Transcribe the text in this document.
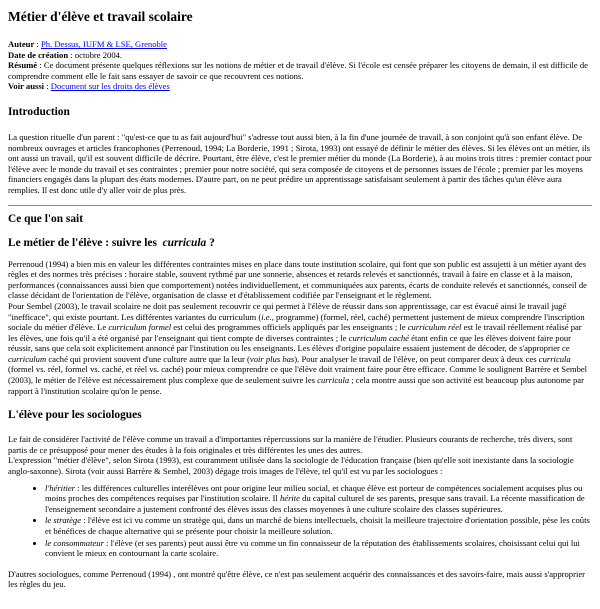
Métier d'élève et travail scolaire

Auteur : Ph. Dessus, IUFM & LSE, Grenoble

Date de création : octobre 2004.

Résumé : Ce document présente quelques réflexions sur les notions de métier et de travail d'élève. Si l'école est censée préparer les citoyens de demain, il est difficile de comprendre comment elle le fait sans essayer de savoir ce que recouvrent ces notions.

Voir aussi : Document sur les droits des élèves

Introduction

La question rituelle d'un parent : "qu'est-ce que tu as fait aujourd'hui" s'adresse tout aussi bien, à la fin d'une journée de travail, à son conjoint qu'à son enfant élève. De nombreux ouvrages et articles francophones (Perrenoud, 1994; La Borderie, 1991 ; Sirota, 1993) ont essayé de définir le métier des élèves. Si les élèves ont un métier, ils ont aussi un travail, qu'il est souvent difficile de décrire. Pourtant, être élève, c'est le premier métier du monde (La Borderie), à au moins trois titres : premier contact pour l'élève avec le monde du travail et ses contraintes ; premier pour notre société, qui sera composée de citoyens et de personnes issues de l'école ; premier par les moyens financiers engagés dans la plupart des états modernes. D'autre part, on ne peut prédire un apprentissage satisfaisant seulement à partir des tâches qu'un élève aura remplies. Il est donc utile d'y aller voir de plus près.

Ce que l'on sait
Le métier de l'élève : suivre les curricula ?

Perrenoud (1994) a bien mis en valeur les différentes contraintes mises en place dans toute institution scolaire, qui font que son public est assujetti à un métier ayant des règles et des normes très précises : horaire stable, souvent rythmé par une sonnerie, absences et retards relevés et sanctionnés, travail à faire en classe et à la maison, performances (connaissances aussi bien que comportement) notées individuellement, et communiquées aux parents, écarts de conduite relevés et sanctionnés, conseil de classe décidant de l'orientation de l'élève, organisation de classe et d'établissement codifiée par l'enseignant et le règlement.

Pour Sembel (2003), le travail scolaire ne doit pas seulement recouvrir ce qui permet à l'élève de réussir dans son apprentissage, car est évacué ainsi le travail jugé "inefficace", qui existe pourtant. Les différentes variantes du curriculum (i.e., programme) (formel, réel, caché) permettent justement de mieux comprendre l'inscription sociale du métier d'élève. Le curriculum formel est celui des programmes officiels appliqués par les enseignants ; le curriculum réel est le travail réellement réalisé par les élèves, une fois qu'il a été organisé par l'enseignant qui tient compte de diverses contraintes ; le curriculum caché étant enfin ce que les élèves doivent faire pour réussir, sans que cela soit explicitement annoncé par l'institution ou les enseignants. Les élèves d'origine populaire essaient justement de décoder, de s'approprier ce curriculum caché qui provient souvent d'une culture autre que la leur (voir plus bas). Pour analyser le travail de l'élève, on peut comparer deux à deux ces curricula (formel vs. réel, formel vs. caché, et réel vs. caché) pour mieux comprendre ce que l'élève doit vraiment faire pour être efficace. Comme le soulignent Barrère et Sembel (2003), le métier de l'élève est nécessairement plus complexe que de seulement suivre les curricula ; cela montre aussi que son activité est beaucoup plus autonome par rapport à l'institution scolaire qu'on le pense.

L'élève pour les sociologues

Le fait de considérer l'activité de l'élève comme un travail a d'importantes répercussions sur la manière de l'étudier. Plusieurs courants de recherche, très divers, sont partis de ce présupposé pour mener des études à la fois originales et très différentes les unes des autres.

L'expression "métier d'élève", selon Sirota (1993), est couramment utilisée dans la sociologie de l'éducation française (bien qu'elle soit inexistante dans la sociologie anglo-saxonne). Sirota (voir aussi Barrère & Sembel, 2003) dégage trois images de l'élève, tel qu'il est vu par les sociologues :

• l'héritier : les différences culturelles interélèves ont pour origine leur milieu social, et chaque élève est porteur de compétences socialement acquises plus ou moins proches des compétences requises par l'institution scolaire. Il hérite du capital culturel de ses parents, presque sans travail. La récente massification de l'enseignement secondaire a justement confronté des élèves issus des classes moyennes à une culture scolaire des classes supérieures.
• le stratège : l'élève est ici vu comme un stratège qui, dans un marché de biens intellectuels, choisit la meilleure trajectoire d'orientation possible, pèse les coûts et bénéfices de chaque alternative qui se présente pour choisir la meilleure solution.
• le consommateur : l'élève (et ses parents) peut aussi être vu comme un fin connaisseur de la réputation des établissements scolaires, choisissant celui qui lui convient le mieux en contournant la carte scolaire.

D'autres sociologues, comme Perrenoud (1994) , ont montré qu'être élève, ce n'est pas seulement acquérir des connaissances et des savoirs-faire, mais aussi s'approprier les règles du jeu.
